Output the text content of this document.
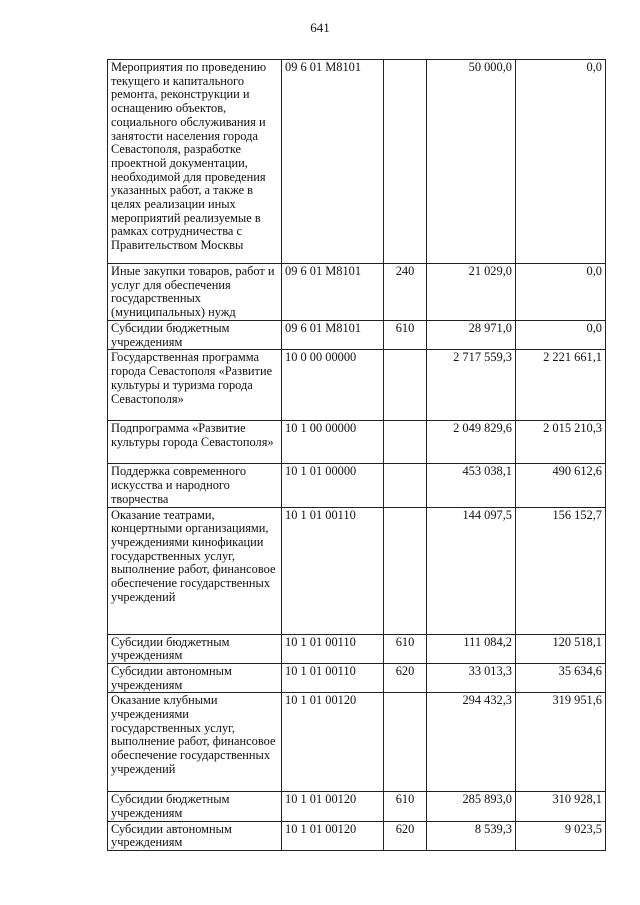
641
Мероприятия по проведению текущего и капитального ремонта, реконструкции и оснащению объектов, социального обслуживания и занятости населения города Севастополя, разработке проектной документации, необходимой для проведения указанных работ, а также в целях реализации иных мероприятий реализуемые в рамках сотрудничества с Правительством Москвы	09 6 01 M8101		50 000,0	0,0
Иные закупки товаров, работ и услуг для обеспечения государственных (муниципальных) нужд	09 6 01 M8101	240	21 029,0	0,0
Субсидии бюджетным учреждениям	09 6 01 M8101	610	28 971,0	0,0
Государственная программа города Севастополя «Развитие культуры и туризма города Севастополя»	10 0 00 00000		2 717 559,3	2 221 661,1
Подпрограмма «Развитие культуры города Севастополя»	10 1 00 00000		2 049 829,6	2 015 210,3
Поддержка современного искусства и народного творчества	10 1 01 00000		453 038,1	490 612,6
Оказание театрами, концертными организациями, учреждениями кинофикации государственных услуг, выполнение работ, финансовое обеспечение государственных учреждений	10 1 01 00110		144 097,5	156 152,7
Субсидии бюджетным учреждениям	10 1 01 00110	610	111 084,2	120 518,1
Субсидии автономным учреждениям	10 1 01 00110	620	33 013,3	35 634,6
Оказание клубными учреждениями государственных услуг, выполнение работ, финансовое обеспечение государственных учреждений	10 1 01 00120		294 432,3	319 951,6
Субсидии бюджетным учреждениям	10 1 01 00120	610	285 893,0	310 928,1
Субсидии автономным учреждениям	10 1 01 00120	620	8 539,3	9 023,5
